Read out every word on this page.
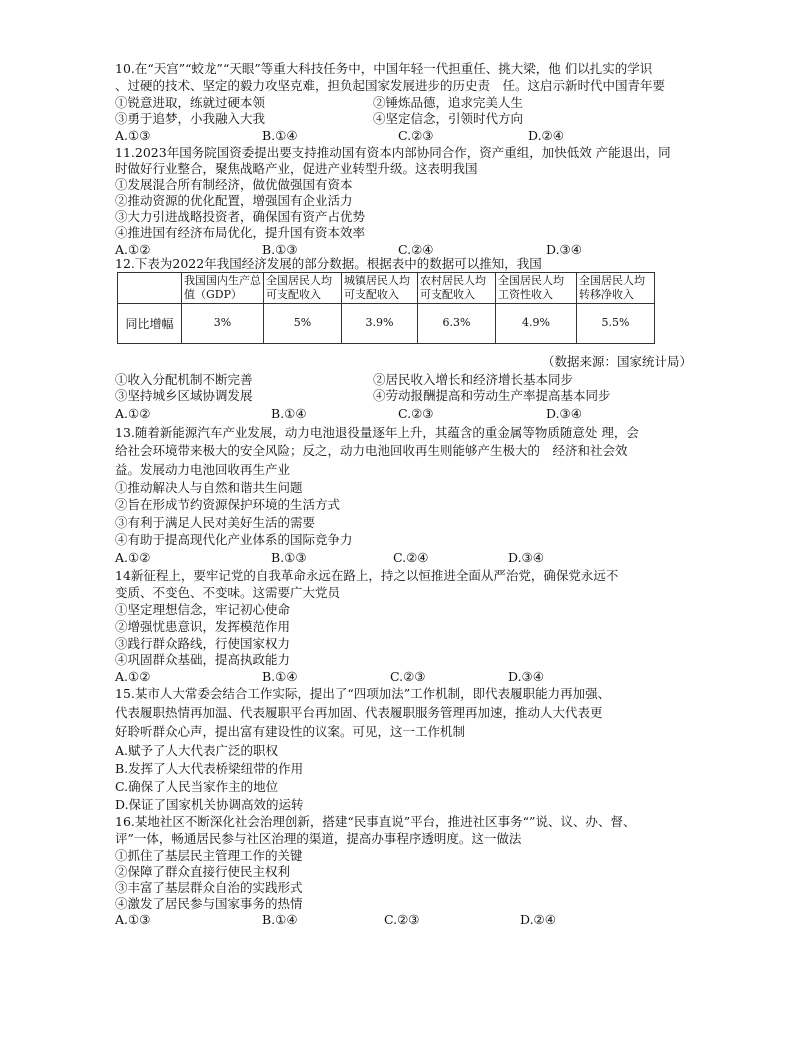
10.在“天宫”“蛟龙”“天眼”等重大科技任务中，中国年轻一代担重任、挑大梁，他 们以扎实的学识
、过硬的技术、坚定的毅力攻坚克难，担负起国家发展进步的历史责　任。这启示新时代中国青年要
①锐意进取，练就过硬本领	②锤炼品德，追求完美人生
③勇于追梦，小我融入大我	④坚定信念，引领时代方向
A.①③	B.①④	C.②③	D.②④
11.2023年国务院国资委提出要支持推动国有资本内部协同合作，资产重组，加快低效 产能退出，同
时做好行业整合，聚焦战略产业，促进产业转型升级。这表明我国
①发展混合所有制经济，做优做强国有资本
②推动资源的优化配置，增强国有企业活力
③大力引进战略投资者，确保国有资产占优势
④推进国有经济布局优化，提升国有资本效率
A.①②	B.①③	C.②④	D.③④
12.下表为2022年我国经济发展的部分数据。根据表中的数据可以推知，我国
	我国国内生产总值（GDP）	全国居民人均可支配收入	城镇居民人均可支配收入	农村居民人均可支配收入	全国居民人均工资性收入	全国居民人均转移净收入
同比增幅	3%	5%	3.9%	6.3%	4.9%	5.5%
（数据来源：国家统计局）
①收入分配机制不断完善	②居民收入增长和经济增长基本同步
③坚持城乡区域协调发展	④劳动报酬提高和劳动生产率提高基本同步
A.①②	B.①④	C.②③	D.③④
13.随着新能源汽车产业发展，动力电池退役量逐年上升，其蕴含的重金属等物质随意处 理，会
给社会环境带来极大的安全风险；反之，动力电池回收再生则能够产生极大的　经济和社会效
益。发展动力电池回收再生产业
①推动解决人与自然和谐共生问题
②旨在形成节约资源保护环境的生活方式
③有利于满足人民对美好生活的需要
④有助于提高现代化产业体系的国际竞争力
A.①②	B.①③	C.②④	D.③④
14新征程上，要牢记党的自我革命永远在路上，持之以恒推进全面从严治党，确保党永远不
变质、不变色、不变味。这需要广大党员
①坚定理想信念，牢记初心使命
②增强忧患意识，发挥模范作用
③践行群众路线，行使国家权力
④巩固群众基础，提高执政能力
A.①②	B.①④	C.②③	D.③④
15.某市人大常委会结合工作实际，提出了“四项加法”工作机制，即代表履职能力再加强、
代表履职热情再加温、代表履职平台再加固、代表履职服务管理再加速，推动人大代表更
好聆听群众心声，提出富有建设性的议案。可见，这一工作机制
A.赋予了人大代表广泛的职权
B.发挥了人大代表桥梁纽带的作用
C.确保了人民当家作主的地位
D.保证了国家机关协调高效的运转
16.某地社区不断深化社会治理创新，搭建“民事直说”平台，推进社区事务“”说、议、办、督、
评”一体，畅通居民参与社区治理的渠道，提高办事程序透明度。这一做法
①抓住了基层民主管理工作的关键
②保障了群众直接行使民主权利
③丰富了基层群众自治的实践形式
④激发了居民参与国家事务的热情
A.①③	B.①④	C.②③	D.②④
